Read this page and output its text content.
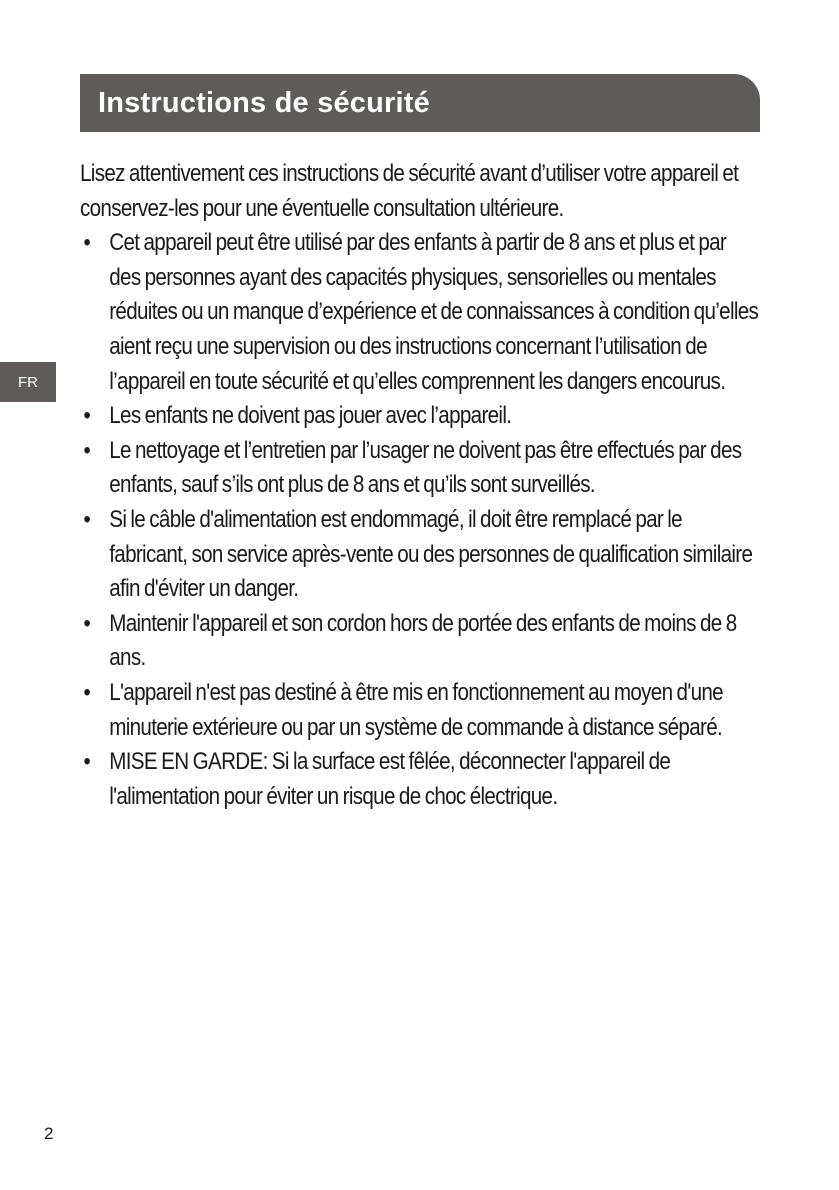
Instructions de sécurité
FR

Lisez attentivement ces instructions de sécurité avant d’utiliser votre appareil et conservez-les pour une éventuelle consultation ultérieure.

• Cet appareil peut être utilisé par des enfants à partir de 8 ans et plus et par des personnes ayant des capacités physiques, sensorielles ou mentales réduites ou un manque d’expérience et de connaissances à condition qu’elles aient reçu une supervision ou des instructions concernant l’utilisation de l’appareil en toute sécurité et qu’elles comprennent les dangers encourus.
• Les enfants ne doivent pas jouer avec l’appareil.
• Le nettoyage et l’entretien par l’usager ne doivent pas être effectués par des enfants, sauf s’ils ont plus de 8 ans et qu’ils sont surveillés.
• Si le câble d'alimentation est endommagé, il doit être remplacé par le fabricant, son service après-vente ou des personnes de qualification similaire afin d'éviter un danger.
• Maintenir l'appareil et son cordon hors de portée des enfants de moins de 8 ans.
• L'appareil n'est pas destiné à être mis en fonctionnement au moyen d'une minuterie extérieure ou par un système de commande à distance séparé.
• MISE EN GARDE: Si la surface est fêlée, déconnecter l'appareil de l'alimentation pour éviter un risque de choc électrique.
2
